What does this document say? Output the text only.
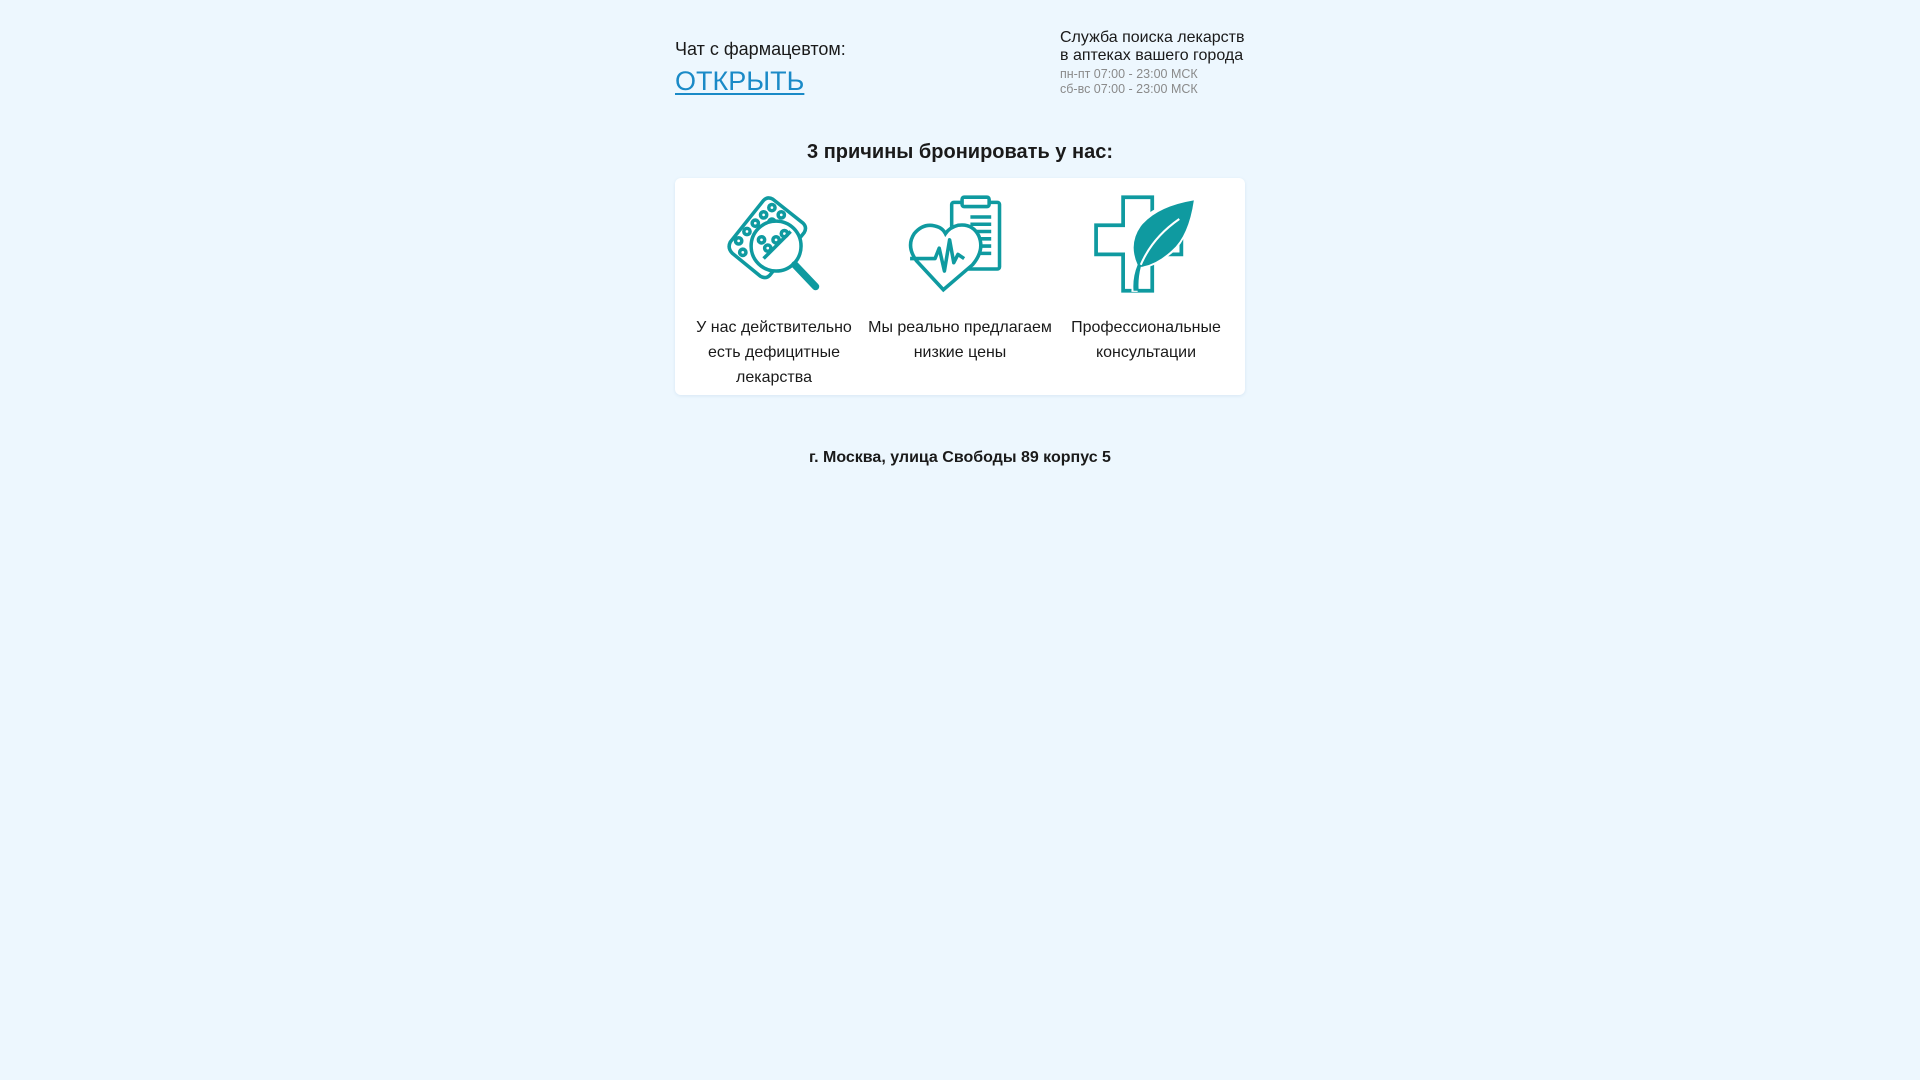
Чат с фармацевтом:
ОТКРЫТЬ
Служба поиска лекарств
в аптеках вашего города
пн-пт 07:00 - 23:00 МСК
сб-вс 07:00 - 23:00 МСК
3 причины бронировать у нас:
У нас действительно есть дефицитные лекарства
Мы реально предлагаем низкие цены
Профессиональные консультации
г. Москва, улица Свободы 89 корпус 5
